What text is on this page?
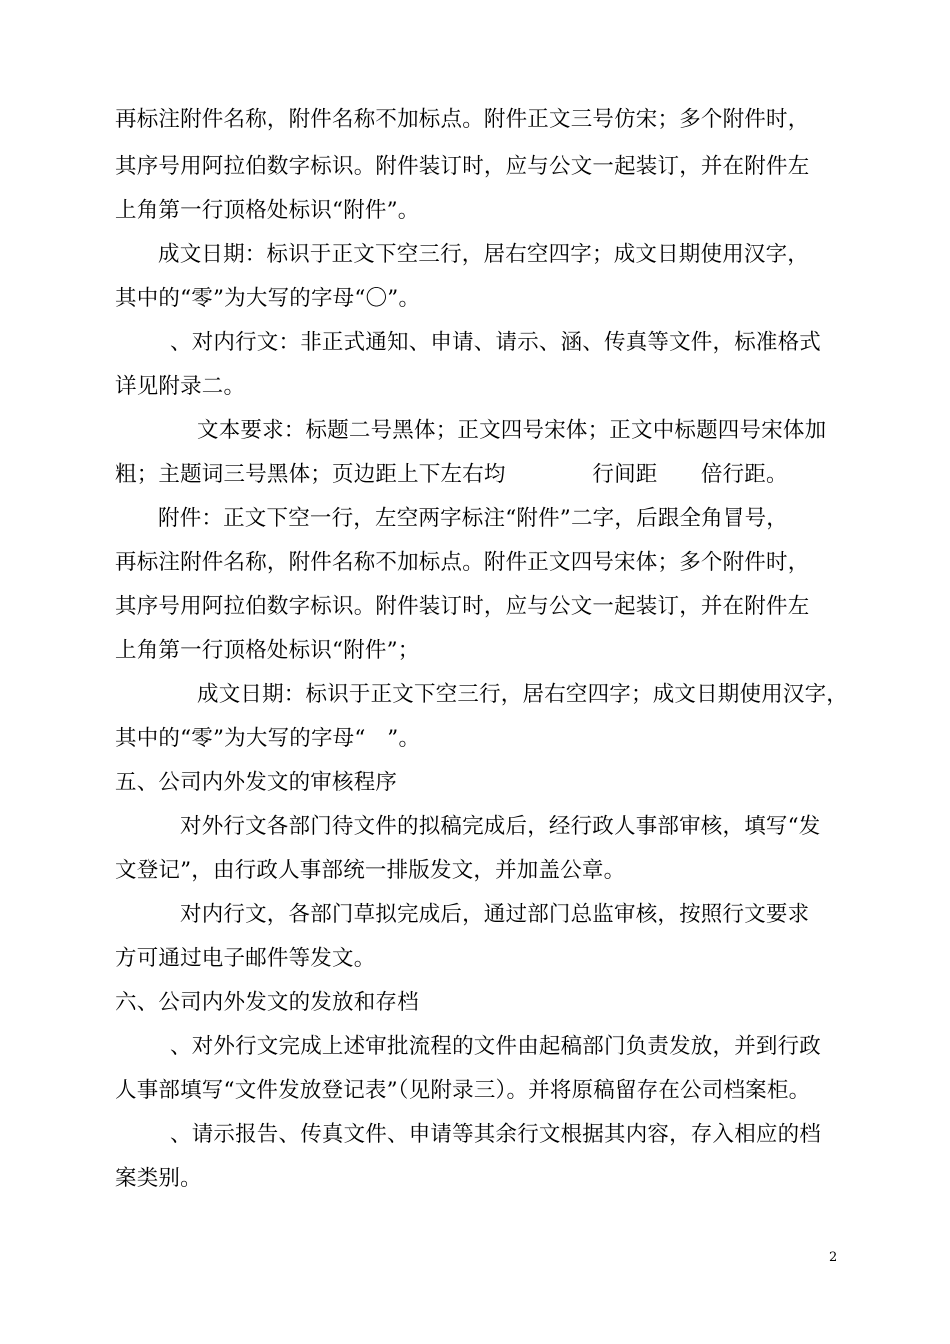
再标注附件名称，附件名称不加标点。附件正文三号仿宋；多个附件时，
其序号用阿拉伯数字标识。附件装订时，应与公文一起装订，并在附件左
上角第一行顶格处标识“附件”。
成文日期：标识于正文下空三行，居右空四字；成文日期使用汉字，
其中的“零”为大写的字母“〇”。
、对内行文：非正式通知、申请、请示、涵、传真等文件，标准格式
详见附录二。
文本要求：标题二号黑体；正文四号宋体；正文中标题四号宋体加
粗；主题词三号黑体；页边距上下左右均　　　　行间距　　倍行距。
附件：正文下空一行，左空两字标注“附件”二字，后跟全角冒号，
再标注附件名称，附件名称不加标点。附件正文四号宋体；多个附件时，
其序号用阿拉伯数字标识。附件装订时，应与公文一起装订，并在附件左
上角第一行顶格处标识“附件”；
成文日期：标识于正文下空三行，居右空四字；成文日期使用汉字，
其中的“零”为大写的字母“　”。
五、公司内外发文的审核程序
对外行文各部门待文件的拟稿完成后，经行政人事部审核，填写“发
文登记”，由行政人事部统一排版发文，并加盖公章。
对内行文，各部门草拟完成后，通过部门总监审核，按照行文要求
方可通过电子邮件等发文。
六、公司内外发文的发放和存档
、对外行文完成上述审批流程的文件由起稿部门负责发放，并到行政
人事部填写“文件发放登记表”（见附录三）。并将原稿留存在公司档案柜。
、请示报告、传真文件、申请等其余行文根据其内容，存入相应的档
案类别。
2
